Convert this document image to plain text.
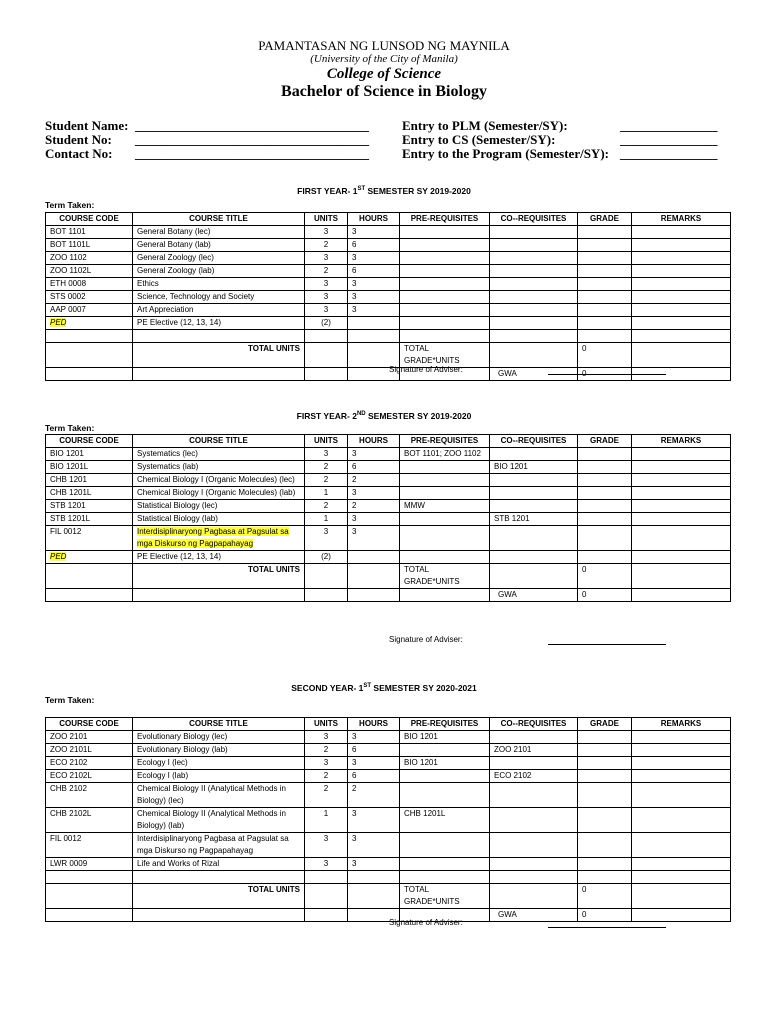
PAMANTASAN NG LUNSOD NG MAYNILA
(University of the City of Manila)
College of Science
Bachelor of Science in Biology
Student Name: ____________________________________
Student No: ____________________________________
Contact No: ____________________________________
Entry to PLM (Semester/SY):	_______________
Entry to CS (Semester/SY):	_______________
Entry to the Program (Semester/SY): _______________
FIRST YEAR- 1ST SEMESTER SY 2019-2020
Term Taken:
COURSE CODE	COURSE TITLE	UNITS	HOURS	PRE-REQUISITES	CO--REQUISITES	GRADE	REMARKS
BOT 1101	General Botany (lec)	3	3				
BOT 1101L	General Botany (lab)	2	6				
ZOO 1102	General Zoology (lec)	3	3				
ZOO 1102L	General Zoology (lab)	2	6				
ETH 0008	Ethics	3	3				
STS 0002	Science, Technology and Society	3	3				
AAP 0007	Art Appreciation	3	3				
PED	PE Elective (12, 13, 14)	(2)					

	TOTAL UNITS			TOTAL GRADE*UNITS		0	
					GWA	0	
Signature of Adviser:
FIRST YEAR- 2ND SEMESTER SY 2019-2020
Term Taken:
COURSE CODE	COURSE TITLE	UNITS	HOURS	PRE-REQUISITES	CO--REQUISITES	GRADE	REMARKS
BIO 1201	Systematics (lec)	3	3	BOT 1101; ZOO 1102			
BIO 1201L	Systematics (lab)	2	6		BIO 1201		
CHB 1201	Chemical Biology I (Organic Molecules) (lec)	2	2				
CHB 1201L	Chemical Biology I (Organic Molecules) (lab)	1	3				
STB 1201	Statistical Biology (lec)	2	2	MMW			
STB 1201L	Statistical Biology (lab)	1	3		STB 1201		
FIL 0012	Interdisiplinaryong Pagbasa at Pagsulat sa mga Diskurso ng Pagpapahayag	3	3				
PED	PE Elective (12, 13, 14)	(2)					
	TOTAL UNITS			TOTAL GRADE*UNITS		0	
					GWA	0	
Signature of Adviser:
SECOND YEAR- 1ST SEMESTER SY 2020-2021
Term Taken:
COURSE CODE	COURSE TITLE	UNITS	HOURS	PRE-REQUISITES	CO--REQUISITES	GRADE	REMARKS
ZOO 2101	Evolutionary Biology (lec)	3	3	BIO 1201			
ZOO 2101L	Evolutionary Biology (lab)	2	6		ZOO 2101		
ECO 2102	Ecology I (lec)	3	3	BIO 1201			
ECO 2102L	Ecology I (lab)	2	6		ECO 2102		
CHB 2102	Chemical Biology II (Analytical Methods in Biology) (lec)	2	2				
CHB 2102L	Chemical Biology II (Analytical Methods in Biology) (lab)	1	3	CHB 1201L			
FIL 0012	Interdisiplinaryong Pagbasa at Pagsulat sa mga Diskurso ng Pagpapahayag	3	3				
LWR 0009	Life and Works of Rizal	3	3				

	TOTAL UNITS			TOTAL GRADE*UNITS		0	
					GWA	0	
Signature of Adviser:
